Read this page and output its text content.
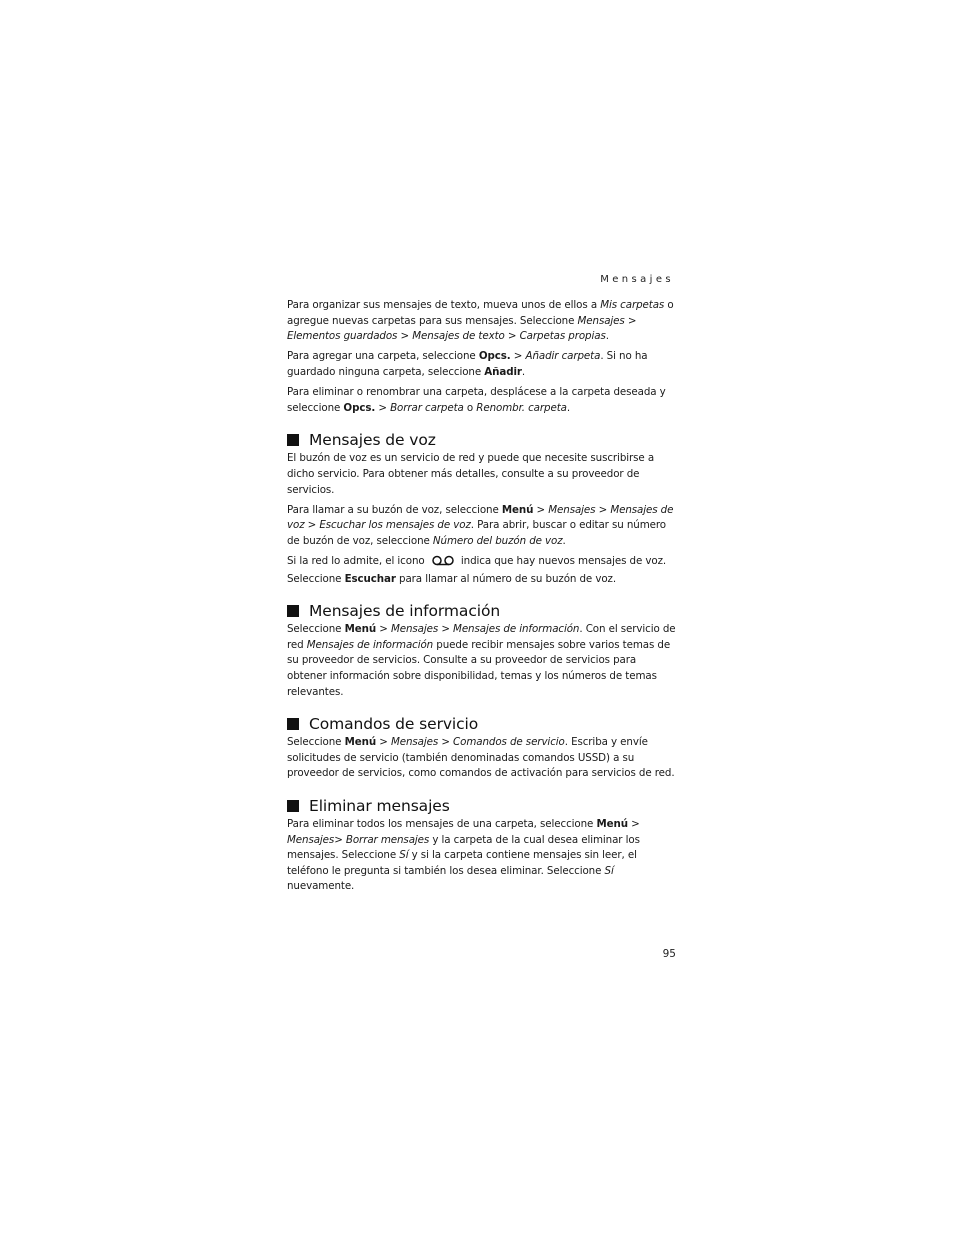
Mensajes

Para organizar sus mensajes de texto, mueva unos de ellos a Mis carpetas o agregue nuevas carpetas para sus mensajes. Seleccione Mensajes > Elementos guardados > Mensajes de texto > Carpetas propias.

Para agregar una carpeta, seleccione Opcs. > Añadir carpeta. Si no ha guardado ninguna carpeta, seleccione Añadir.

Para eliminar o renombrar una carpeta, desplácese a la carpeta deseada y seleccione Opcs. > Borrar carpeta o Renombr. carpeta.

Mensajes de voz

El buzón de voz es un servicio de red y puede que necesite suscribirse a dicho servicio. Para obtener más detalles, consulte a su proveedor de servicios.

Para llamar a su buzón de voz, seleccione Menú > Mensajes > Mensajes de voz > Escuchar los mensajes de voz. Para abrir, buscar o editar su número de buzón de voz, seleccione Número del buzón de voz.

Si la red lo admite, el icono	indica que hay nuevos mensajes de voz. Seleccione Escuchar para llamar al número de su buzón de voz.

Mensajes de información

Seleccione Menú > Mensajes > Mensajes de información. Con el servicio de red Mensajes de información puede recibir mensajes sobre varios temas de su proveedor de servicios. Consulte a su proveedor de servicios para obtener información sobre disponibilidad, temas y los números de temas relevantes.

Comandos de servicio

Seleccione Menú > Mensajes > Comandos de servicio. Escriba y envíe solicitudes de servicio (también denominadas comandos USSD) a su proveedor de servicios, como comandos de activación para servicios de red.

Eliminar mensajes

Para eliminar todos los mensajes de una carpeta, seleccione Menú > Mensajes> Borrar mensajes y la carpeta de la cual desea eliminar los mensajes. Seleccione Sí y si la carpeta contiene mensajes sin leer, el teléfono le pregunta si también los desea eliminar. Seleccione Sí nuevamente.

95
